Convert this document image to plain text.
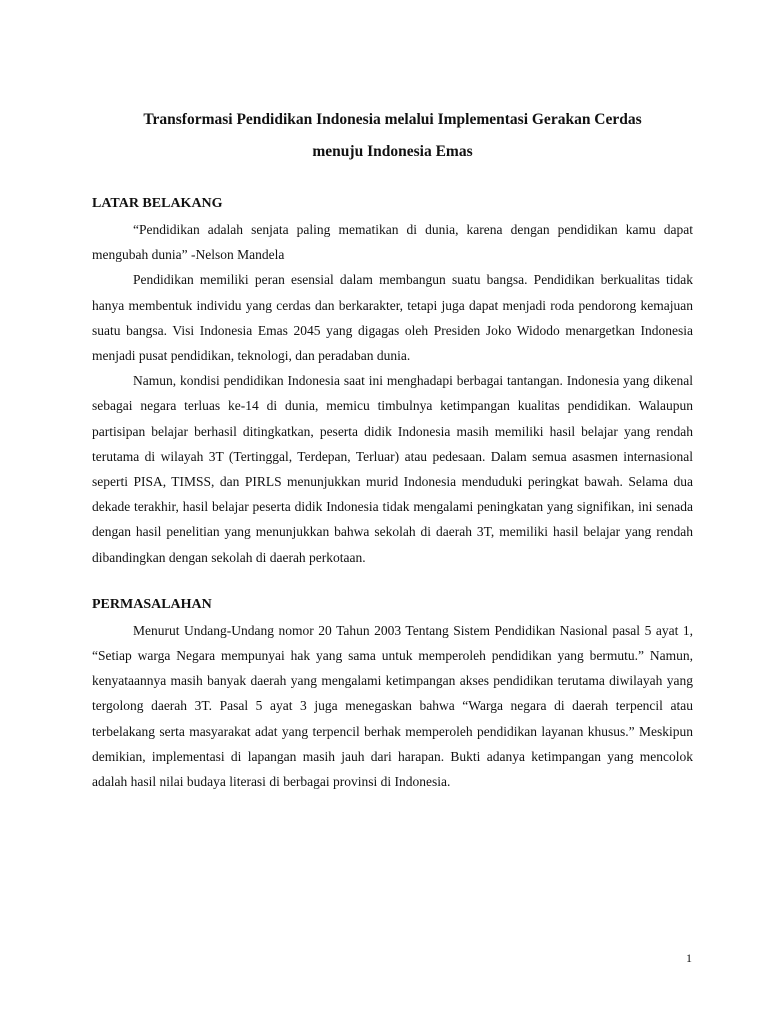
Transformasi Pendidikan Indonesia melalui Implementasi Gerakan Cerdas

menuju Indonesia Emas

LATAR BELAKANG

“Pendidikan adalah senjata paling mematikan di dunia, karena dengan pendidikan kamu dapat mengubah dunia” -Nelson Mandela

Pendidikan memiliki peran esensial dalam membangun suatu bangsa. Pendidikan berkualitas tidak hanya membentuk individu yang cerdas dan berkarakter, tetapi juga dapat menjadi roda pendorong kemajuan suatu bangsa. Visi Indonesia Emas 2045 yang digagas oleh Presiden Joko Widodo menargetkan Indonesia menjadi pusat pendidikan, teknologi, dan peradaban dunia.

Namun, kondisi pendidikan Indonesia saat ini menghadapi berbagai tantangan. Indonesia yang dikenal sebagai negara terluas ke-14 di dunia, memicu timbulnya ketimpangan kualitas pendidikan. Walaupun partisipan belajar berhasil ditingkatkan, peserta didik Indonesia masih memiliki hasil belajar yang rendah terutama di wilayah 3T (Tertinggal, Terdepan, Terluar) atau pedesaan. Dalam semua asasmen internasional seperti PISA, TIMSS, dan PIRLS menunjukkan murid Indonesia menduduki peringkat bawah. Selama dua dekade terakhir, hasil belajar peserta didik Indonesia tidak mengalami peningkatan yang signifikan, ini senada dengan hasil penelitian yang menunjukkan bahwa sekolah di daerah 3T, memiliki hasil belajar yang rendah dibandingkan dengan sekolah di daerah perkotaan.

PERMASALAHAN

Menurut Undang-Undang nomor 20 Tahun 2003 Tentang Sistem Pendidikan Nasional pasal 5 ayat 1, “Setiap warga Negara mempunyai hak yang sama untuk memperoleh pendidikan yang bermutu.” Namun, kenyataannya masih banyak daerah yang mengalami ketimpangan akses pendidikan terutama diwilayah yang tergolong daerah 3T. Pasal 5 ayat 3 juga menegaskan bahwa “Warga negara di daerah terpencil atau terbelakang serta masyarakat adat yang terpencil berhak memperoleh pendidikan layanan khusus.” Meskipun demikian, implementasi di lapangan masih jauh dari harapan. Bukti adanya ketimpangan yang mencolok adalah hasil nilai budaya literasi di berbagai provinsi di Indonesia.

1
